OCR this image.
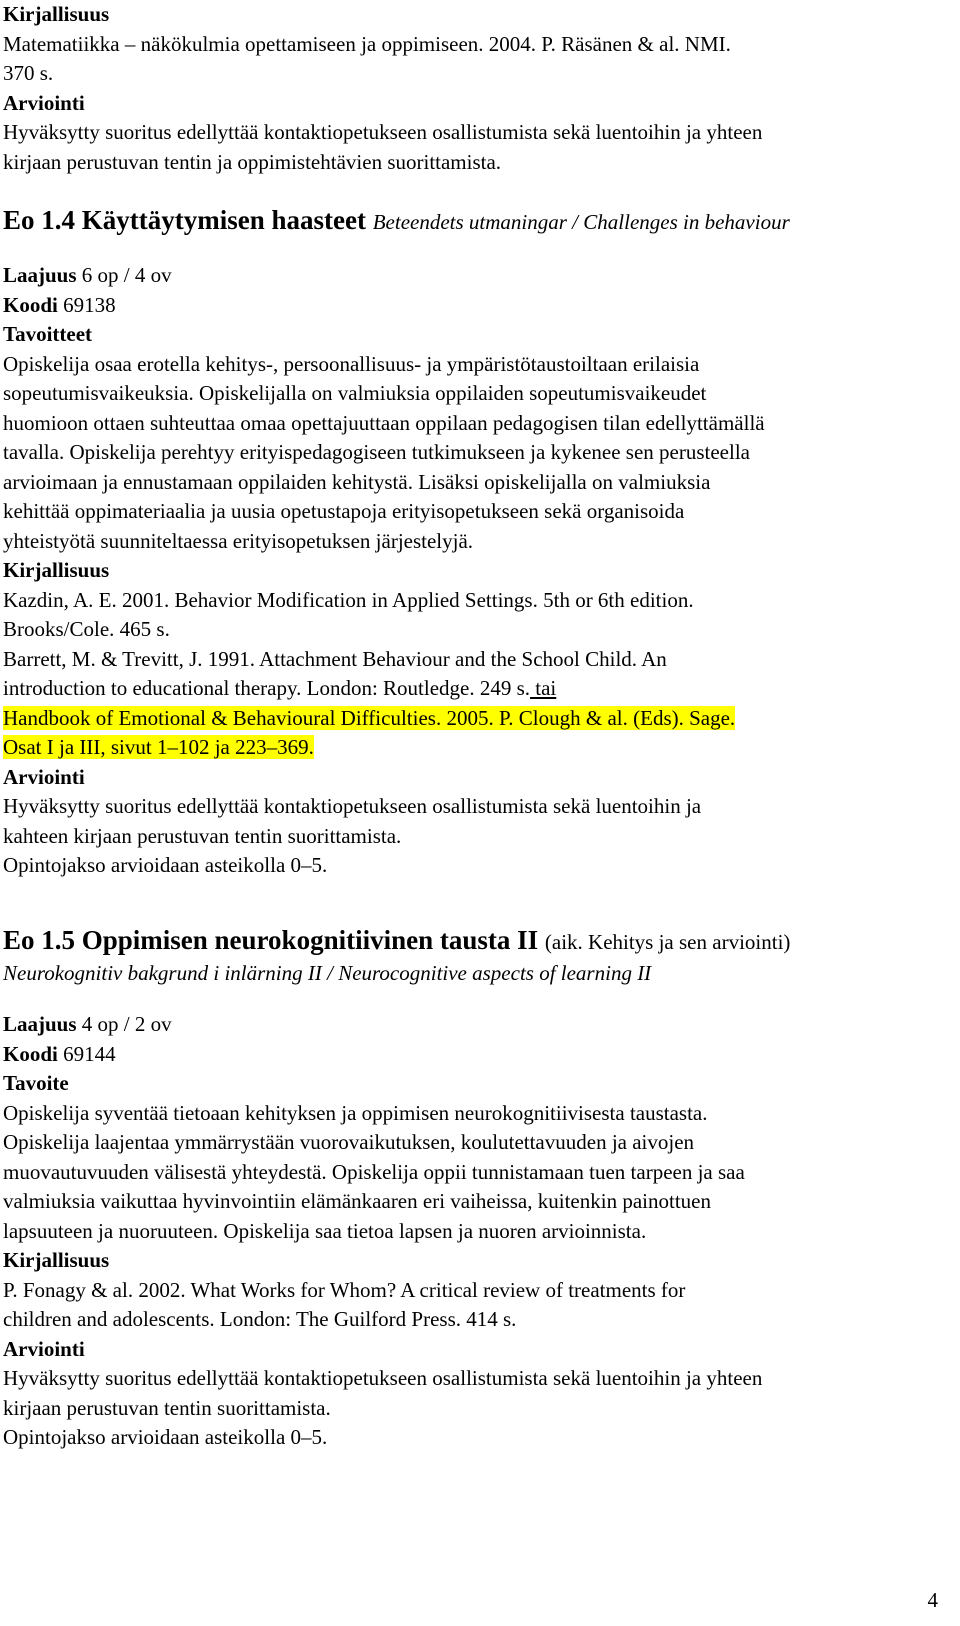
Kirjallisuus

Matematiikka – näkökulmia opettamiseen ja oppimiseen. 2004. P. Räsänen & al. NMI.

370 s.

Arviointi

Hyväksytty suoritus edellyttää kontaktiopetukseen osallistumista sekä luentoihin ja yhteen

kirjaan perustuvan tentin ja oppimistehtävien suorittamista.

Eo 1.4 Käyttäytymisen haasteet Beteendets utmaningar / Challenges in behaviour

Laajuus 6 op / 4 ov

Koodi 69138

Tavoitteet

Opiskelija osaa erotella kehitys-, persoonallisuus- ja ympäristötaustoiltaan erilaisia

sopeutumisvaikeuksia. Opiskelijalla on valmiuksia oppilaiden sopeutumisvaikeudet

huomioon ottaen suhteuttaa omaa opettajuuttaan oppilaan pedagogisen tilan edellyttämällä

tavalla. Opiskelija perehtyy erityispedagogiseen tutkimukseen ja kykenee sen perusteella

arvioimaan ja ennustamaan oppilaiden kehitystä. Lisäksi opiskelijalla on valmiuksia

kehittää oppimateriaalia ja uusia opetustapoja erityisopetukseen sekä organisoida

yhteistyötä suunniteltaessa erityisopetuksen järjestelyjä.

Kirjallisuus

Kazdin, A. E. 2001. Behavior Modification in Applied Settings. 5th or 6th edition.

Brooks/Cole. 465 s.

Barrett, M. & Trevitt, J. 1991. Attachment Behaviour and the School Child. An

introduction to educational therapy. London: Routledge. 249 s. tai

Handbook of Emotional & Behavioural Difficulties. 2005. P. Clough & al. (Eds). Sage.

Osat I ja III, sivut 1–102 ja 223–369.

Arviointi

Hyväksytty suoritus edellyttää kontaktiopetukseen osallistumista sekä luentoihin ja

kahteen kirjaan perustuvan tentin suorittamista.

Opintojakso arvioidaan asteikolla 0–5.

Eo 1.5 Oppimisen neurokognitiivinen tausta II (aik. Kehitys ja sen arviointi)

Neurokognitiv bakgrund i inlärning II / Neurocognitive aspects of learning II

Laajuus 4 op / 2 ov

Koodi 69144

Tavoite

Opiskelija syventää tietoaan kehityksen ja oppimisen neurokognitiivisesta taustasta.

Opiskelija laajentaa ymmärrystään vuorovaikutuksen, koulutettavuuden ja aivojen

muovautuvuuden välisestä yhteydestä. Opiskelija oppii tunnistamaan tuen tarpeen ja saa

valmiuksia vaikuttaa hyvinvointiin elämänkaaren eri vaiheissa, kuitenkin painottuen

lapsuuteen ja nuoruuteen. Opiskelija saa tietoa lapsen ja nuoren arvioinnista.

Kirjallisuus

P. Fonagy & al. 2002. What Works for Whom? A critical review of treatments for

children and adolescents. London: The Guilford Press. 414 s.

Arviointi

Hyväksytty suoritus edellyttää kontaktiopetukseen osallistumista sekä luentoihin ja yhteen

kirjaan perustuvan tentin suorittamista.

Opintojakso arvioidaan asteikolla 0–5.

4
